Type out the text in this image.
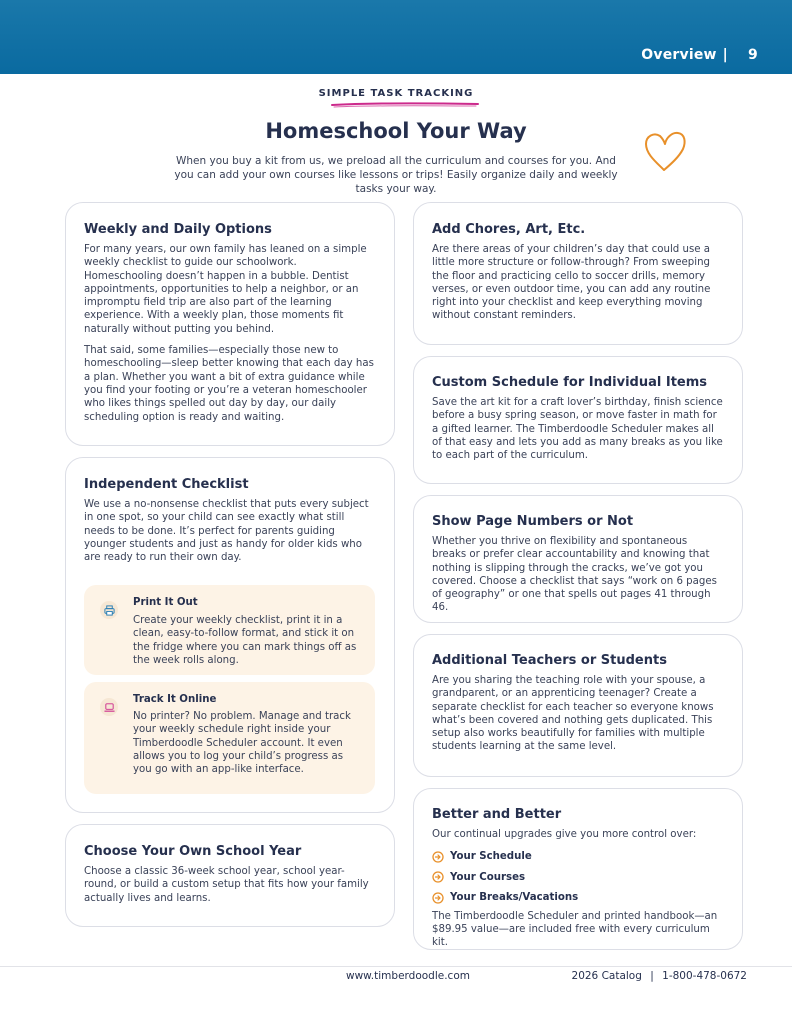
Overview | 9
SIMPLE TASK TRACKING
Homeschool Your Way
When you buy a kit from us, we preload all the curriculum and courses for you. And you can add your own courses like lessons or trips! Easily organize daily and weekly tasks your way.
Weekly and Daily Options

For many years, our own family has leaned on a simple weekly checklist to guide our schoolwork. Homeschooling doesn’t happen in a bubble. Dentist appointments, opportunities to help a neighbor, or an impromptu field trip are also part of the learning experience. With a weekly plan, those moments fit naturally without putting you behind.

That said, some families—especially those new to homeschooling—sleep better knowing that each day has a plan. Whether you want a bit of extra guidance while you find your footing or you’re a veteran homeschooler who likes things spelled out day by day, our daily scheduling option is ready and waiting.

Independent Checklist

We use a no-nonsense checklist that puts every subject in one spot, so your child can see exactly what still needs to be done. It’s perfect for parents guiding younger students and just as handy for older kids who are ready to run their own day.

Print It Out

Create your weekly checklist, print it in a clean, easy-to-follow format, and stick it on the fridge where you can mark things off as the week rolls along.

Track It Online

No printer? No problem. Manage and track your weekly schedule right inside your Timberdoodle Scheduler account. It even allows you to log your child’s progress as you go with an app-like interface.

Choose Your Own School Year

Choose a classic 36-week school year, school year-round, or build a custom setup that fits how your family actually lives and learns.

Add Chores, Art, Etc.

Are there areas of your children’s day that could use a little more structure or follow-through? From sweeping the floor and practicing cello to soccer drills, memory verses, or even outdoor time, you can add any routine right into your checklist and keep everything moving without constant reminders.

Custom Schedule for Individual Items

Save the art kit for a craft lover’s birthday, finish science before a busy spring season, or move faster in math for a gifted learner. The Timberdoodle Scheduler makes all of that easy and lets you add as many breaks as you like to each part of the curriculum.

Show Page Numbers or Not

Whether you thrive on flexibility and spontaneous breaks or prefer clear accountability and knowing that nothing is slipping through the cracks, we’ve got you covered. Choose a checklist that says “work on 6 pages of geography” or one that spells out pages 41 through 46.

Additional Teachers or Students

Are you sharing the teaching role with your spouse, a grandparent, or an apprenticing teenager? Create a separate checklist for each teacher so everyone knows what’s been covered and nothing gets duplicated. This setup also works beautifully for families with multiple students learning at the same level.

Better and Better

Our continual upgrades give you more control over:

Your Schedule
Your Courses
Your Breaks/Vacations

The Timberdoodle Scheduler and printed handbook—an $89.95 value—are included free with every curriculum kit.

www.timberdoodle.com	2026 Catalog | 1-800-478-0672
